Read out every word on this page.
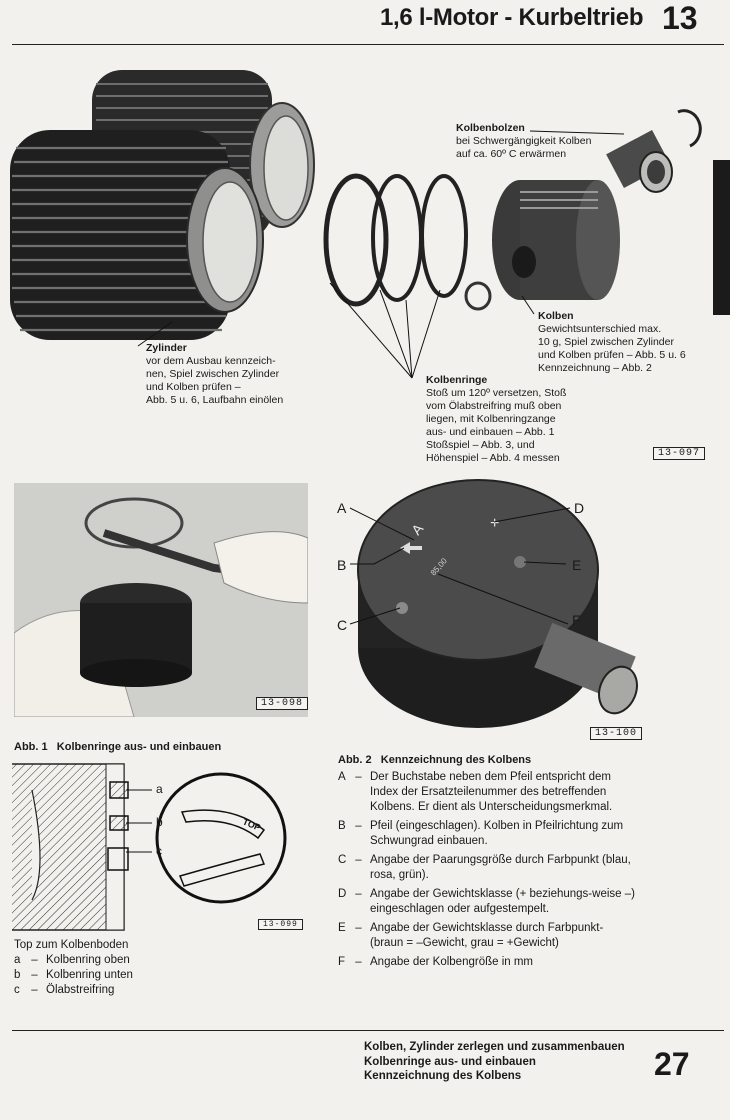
1,6 l-Motor - Kurbeltrieb 13
Kolbenbolzen
bei Schwergängigkeit Kolben
auf ca. 60º C erwärmen
Kolben
Gewichtsunterschied max.
10 g, Spiel zwischen Zylinder
und Kolben prüfen – Abb. 5 u. 6
Kennzeichnung – Abb. 2
Zylinder
vor dem Ausbau kennzeich-
nen, Spiel zwischen Zylinder
und Kolben prüfen –
Abb. 5 u. 6, Laufbahn einölen
Kolbenringe
Stoß um 120º versetzen, Stoß
vom Ölabstreifring muß oben
liegen, mit Kolbenringzange
aus- und einbauen – Abb. 1
Stoßspiel – Abb. 3, und
Höhenspiel – Abb. 4 messen	13-097
13-098
Abb. 1 Kolbenringe aus- und einbauen
A
85,00
+
A
B
C
D
E
F
13-100
Abb. 2 Kennzeichnung des Kolbens
A – Der Buchstabe neben dem Pfeil entspricht dem Index der Ersatzteilenummer des betreffenden Kolbens. Er dient als Unterscheidungsmerkmal.
B – Pfeil (eingeschlagen). Kolben in Pfeilrichtung zum Schwungrad einbauen.
C – Angabe der Paarungsgröße durch Farbpunkt (blau, rosa, grün).
D – Angabe der Gewichtsklasse (+ beziehungs-weise –) eingeschlagen oder aufgestempelt.
E – Angabe der Gewichtsklasse durch Farbpunkt- (braun = –Gewicht, grau = +Gewicht)
F – Angabe der Kolbengröße in mm
TOP
a
b
c
13-099
Top zum Kolbenboden
a – Kolbenring oben
b – Kolbenring unten
c – Ölabstreifring
Kolben, Zylinder zerlegen und zusammenbauen
Kolbenringe aus- und einbauen
Kennzeichnung des Kolbens	27
